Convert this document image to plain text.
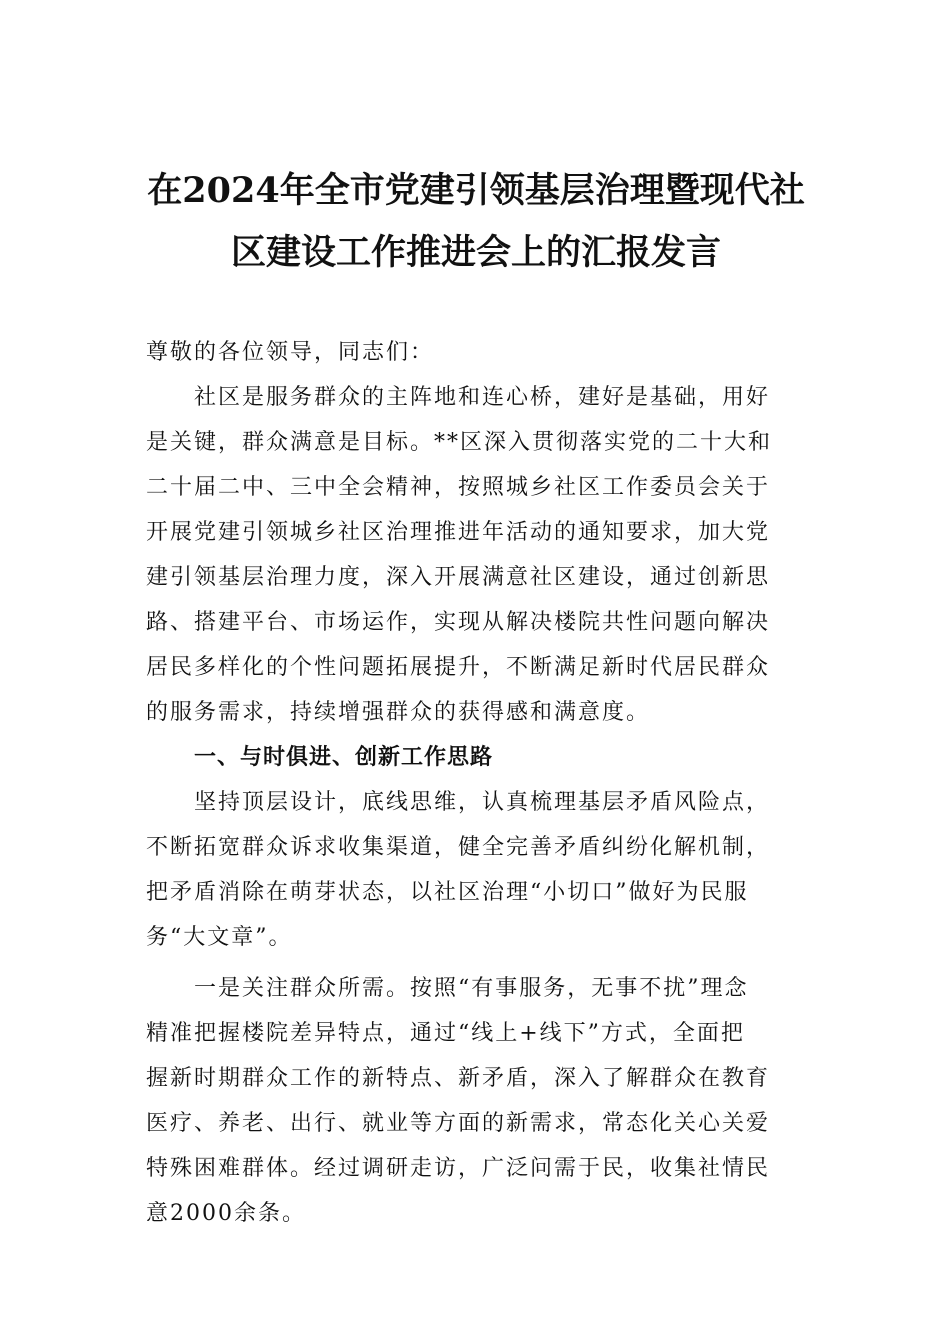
在2024年全市党建引领基层治理暨现代社
区建设工作推进会上的汇报发言

尊敬的各位领导，同志们：

社区是服务群众的主阵地和连心桥，建好是基础，用好

是关键，群众满意是目标。**区深入贯彻落实党的二十大和

二十届二中、三中全会精神，按照城乡社区工作委员会关于

开展党建引领城乡社区治理推进年活动的通知要求，加大党

建引领基层治理力度，深入开展满意社区建设，通过创新思

路、搭建平台、市场运作，实现从解决楼院共性问题向解决

居民多样化的个性问题拓展提升，不断满足新时代居民群众

的服务需求，持续增强群众的获得感和满意度。

一、与时俱进、创新工作思路

坚持顶层设计，底线思维，认真梳理基层矛盾风险点，

不断拓宽群众诉求收集渠道，健全完善矛盾纠纷化解机制，

把矛盾消除在萌芽状态，以社区治理“小切口”做好为民服

务“大文章”。

一是关注群众所需。按照“有事服务，无事不扰”理念

精准把握楼院差异特点，通过“线上+线下”方式，全面把

握新时期群众工作的新特点、新矛盾，深入了解群众在教育

医疗、养老、出行、就业等方面的新需求，常态化关心关爱

特殊困难群体。经过调研走访，广泛问需于民，收集社情民

意2000余条。
